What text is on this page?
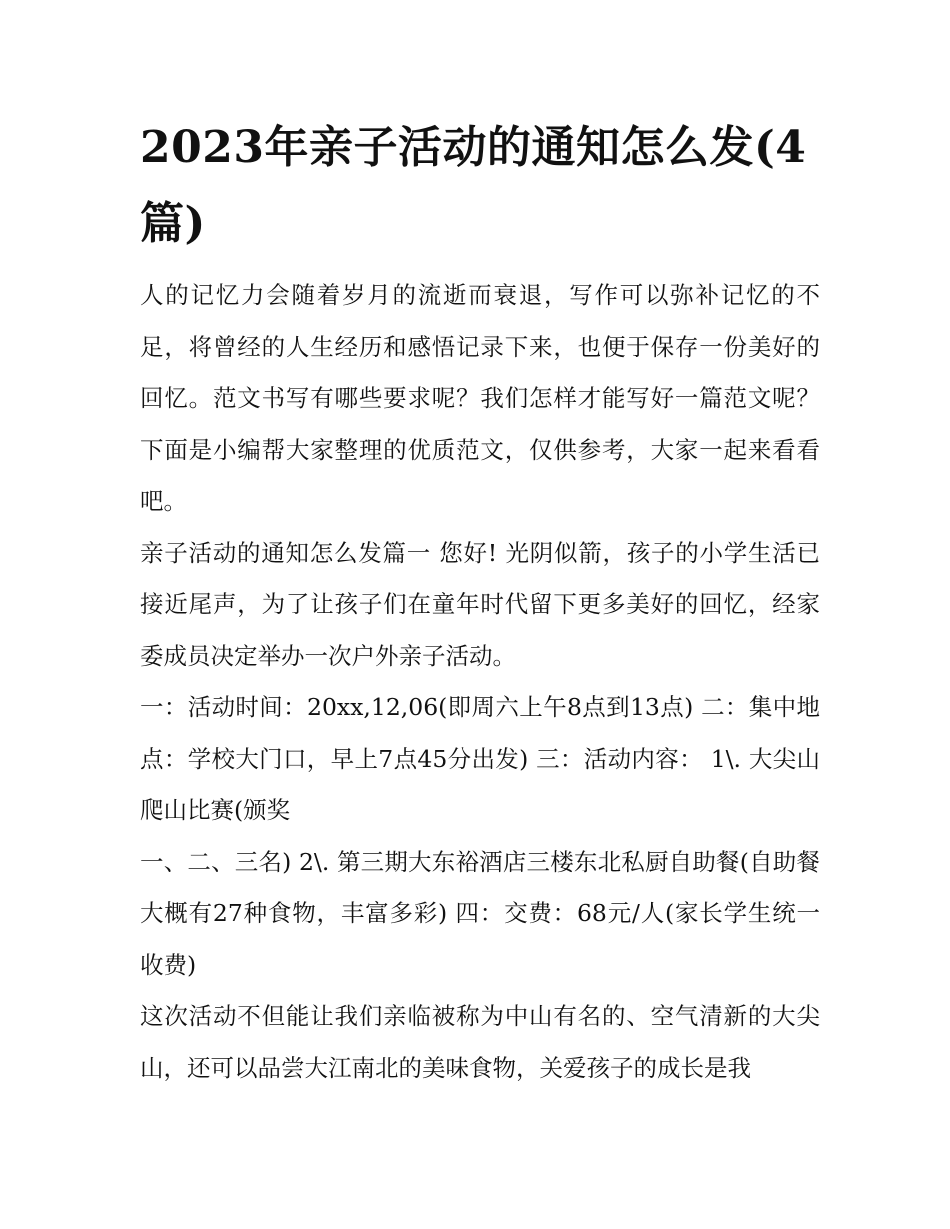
2023年亲子活动的通知怎么发(4篇)

人的记忆力会随着岁月的流逝而衰退，写作可以弥补记忆的不足，将曾经的人生经历和感悟记录下来，也便于保存一份美好的回忆。范文书写有哪些要求呢？我们怎样才能写好一篇范文呢？下面是小编帮大家整理的优质范文，仅供参考，大家一起来看看吧。

亲子活动的通知怎么发篇一 您好! 光阴似箭，孩子的小学生活已接近尾声，为了让孩子们在童年时代留下更多美好的回忆，经家委成员决定举办一次户外亲子活动。

一：活动时间：20xx,12,06(即周六上午8点到13点) 二：集中地点：学校大门口，早上7点45分出发) 三：活动内容： 1\. 大尖山爬山比赛(颁奖

一、二、三名) 2\. 第三期大东裕酒店三楼东北私厨自助餐(自助餐大概有27种食物，丰富多彩) 四：交费：68元/人(家长学生统一收费)

这次活动不但能让我们亲临被称为中山有名的、空气清新的大尖山，还可以品尝大江南北的美味食物，关爱孩子的成长是我
